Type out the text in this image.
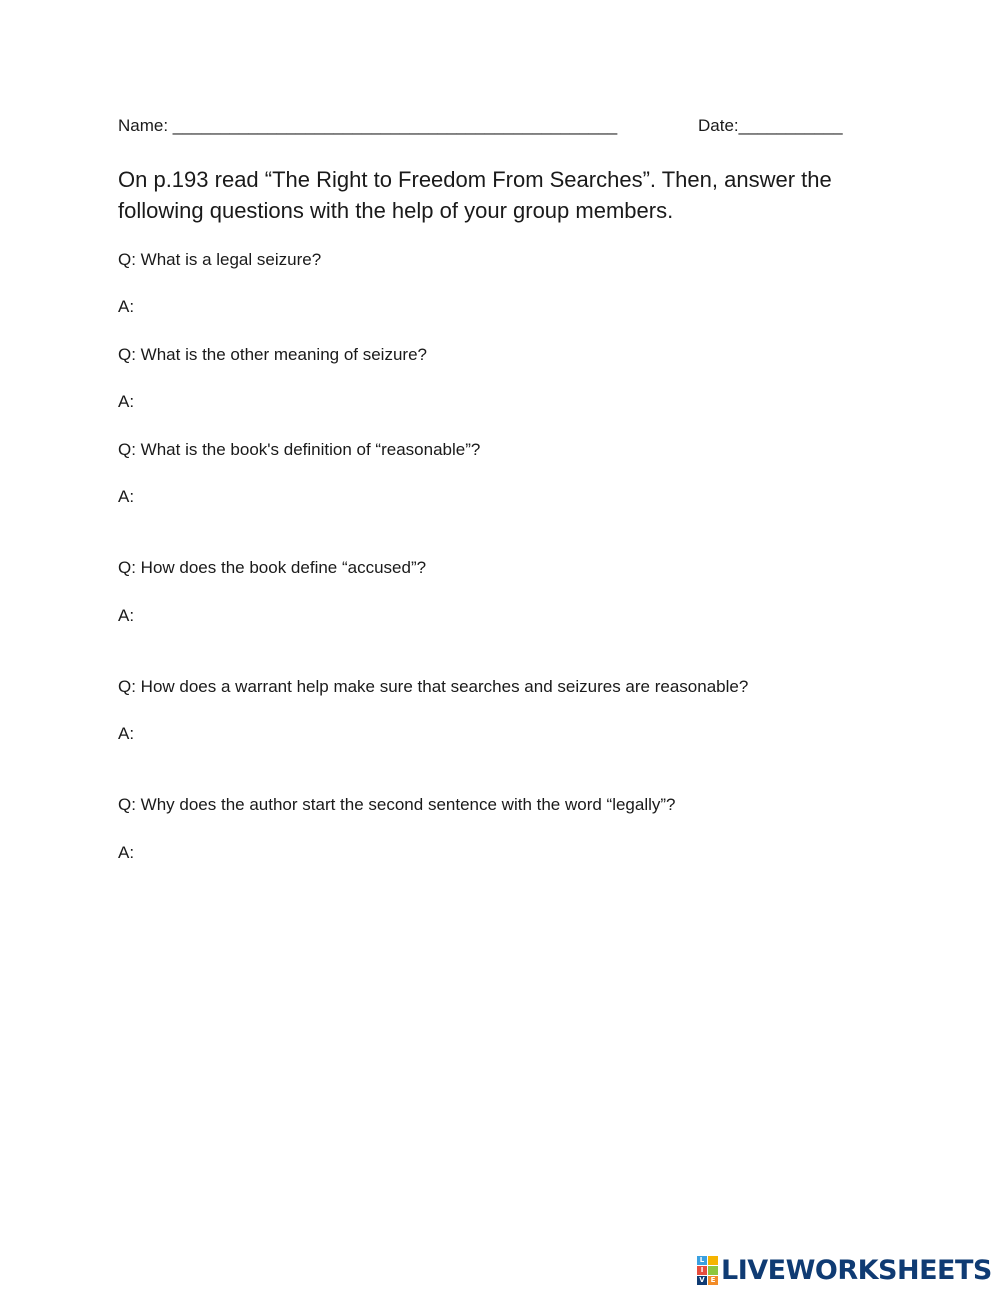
Name: _______________________________________________	Date:___________
On p.193 read “The Right to Freedom From Searches”. Then, answer the following questions with the help of your group members.
Q: What is a legal seizure?
A:
Q: What is the other meaning of seizure?
A:
Q: What is the book's definition of “reasonable”?
A:
Q: How does the book define “accused”?
A:
Q: How does a warrant help make sure that searches and seizures are reasonable?
A:
Q: Why does the author start the second sentence with the word “legally”?
A:
L
I
V E LIVEWORKSHEETS
